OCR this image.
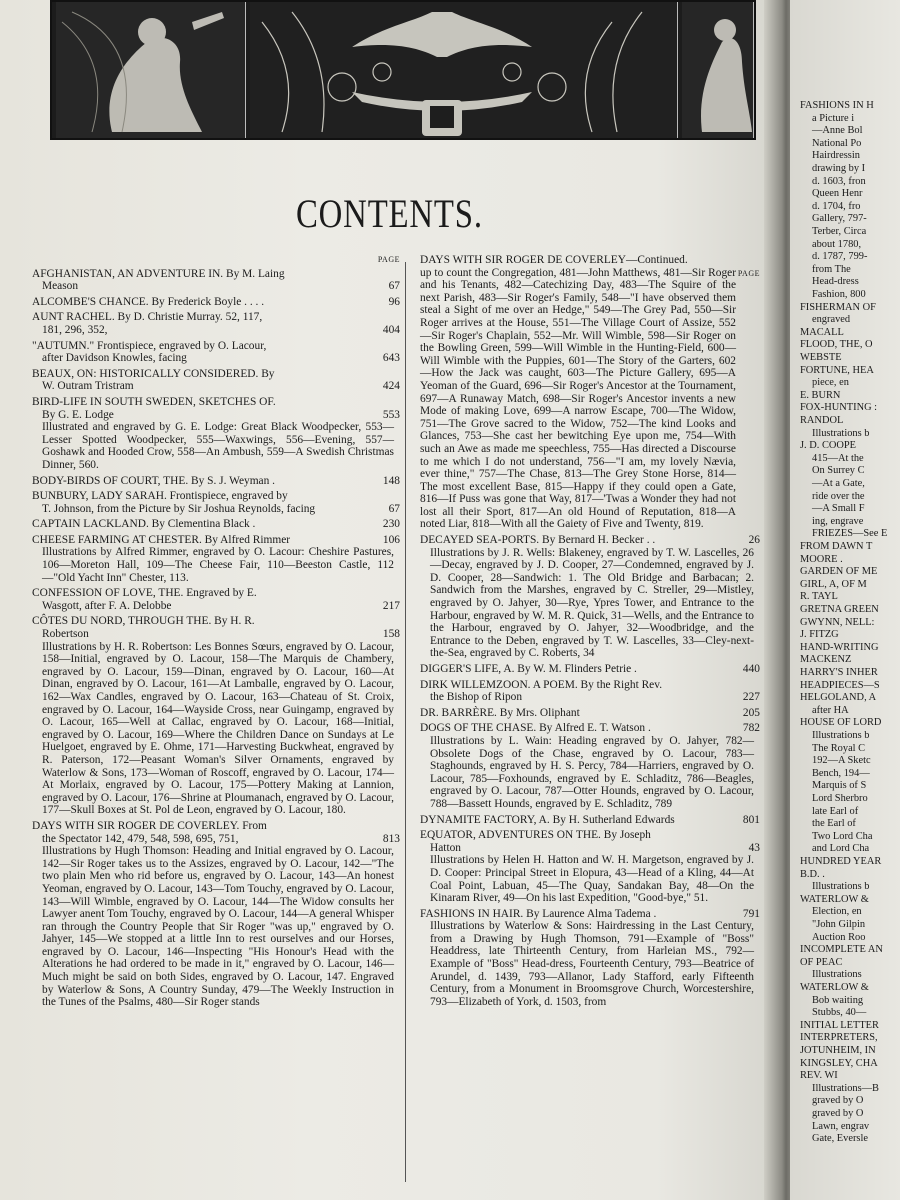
CONTENTS.
PAGE
AFGHANISTAN, AN ADVENTURE IN. By M. Laing
Meason	67
ALCOMBE'S CHANCE. By Frederick Boyle . . . .	96
AUNT RACHEL. By D. Christie Murray. 52, 117,
181, 296, 352,	404
"AUTUMN." Frontispiece, engraved by O. Lacour,
after Davidson Knowles, facing	643
BEAUX, ON: HISTORICALLY CONSIDERED. By
W. Outram Tristram	424
BIRD-LIFE IN SOUTH SWEDEN, SKETCHES OF.
By G. E. Lodge	553
Illustrated and engraved by G. E. Lodge: Great Black Woodpecker, 553—Lesser Spotted Woodpecker, 555—Waxwings, 556—Evening, 557—Goshawk and Hooded Crow, 558—An Ambush, 559—A Swedish Christmas Dinner, 560.
BODY-BIRDS OF COURT, THE. By S. J. Weyman .	148
BUNBURY, LADY SARAH. Frontispiece, engraved by
T. Johnson, from the Picture by Sir Joshua Reynolds, facing	67
CAPTAIN LACKLAND. By Clementina Black .	230
CHEESE FARMING AT CHESTER. By Alfred Rimmer	106
Illustrations by Alfred Rimmer, engraved by O. Lacour: Cheshire Pastures, 106—Moreton Hall, 109—The Cheese Fair, 110—Beeston Castle, 112—"Old Yacht Inn" Chester, 113.
CONFESSION OF LOVE, THE. Engraved by E.
Wasgott, after F. A. Delobbe	217
CÔTES DU NORD, THROUGH THE. By H. R.
Robertson	158
Illustrations by H. R. Robertson: Les Bonnes Sœurs, engraved by O. Lacour, 158—Initial, engraved by O. Lacour, 158—The Marquis de Chambery, engraved by O. Lacour, 159—Dinan, engraved by O. Lacour, 160—At Dinan, engraved by O. Lacour, 161—At Lamballe, engraved by O. Lacour, 162—Wax Candles, engraved by O. Lacour, 163—Chateau of St. Croix, engraved by O. Lacour, 164—Wayside Cross, near Guingamp, engraved by O. Lacour, 165—Well at Callac, engraved by O. Lacour, 168—Initial, engraved by O. Lacour, 169—Where the Children Dance on Sundays at Le Huelgoet, engraved by E. Ohme, 171—Harvesting Buckwheat, engraved by R. Paterson, 172—Peasant Woman's Silver Ornaments, engraved by Waterlow & Sons, 173—Woman of Roscoff, engraved by O. Lacour, 174—At Morlaix, engraved by O. Lacour, 175—Pottery Making at Lannion, engraved by O. Lacour, 176—Shrine at Ploumanach, engraved by O. Lacour, 177—Skull Boxes at St. Pol de Leon, engraved by O. Lacour, 180.
DAYS WITH SIR ROGER DE COVERLEY. From
the Spectator 142, 479, 548, 598, 695, 751,	813
Illustrations by Hugh Thomson: Heading and Initial engraved by O. Lacour, 142—Sir Roger takes us to the Assizes, engraved by O. Lacour, 142—"The two plain Men who rid before us, engraved by O. Lacour, 143—An honest Yeoman, engraved by O. Lacour, 143—Tom Touchy, engraved by O. Lacour, 143—Will Wimble, engraved by O. Lacour, 144—The Widow consults her Lawyer anent Tom Touchy, engraved by O. Lacour, 144—A general Whisper ran through the Country People that Sir Roger "was up," engraved by O. Jahyer, 145—We stopped at a little Inn to rest ourselves and our Horses, engraved by O. Lacour, 146—Inspecting "His Honour's Head with the Alterations he had ordered to be made in it," engraved by O. Lacour, 146—Much might be said on both Sides, engraved by O. Lacour, 147. Engraved by Waterlow & Sons, A Country Sunday, 479—The Weekly Instruction in the Tunes of the Psalms, 480—Sir Roger stands
PAGE
DAYS WITH SIR ROGER DE COVERLEY—Continued.
up to count the Congregation, 481—John Matthews, 481—Sir Roger and his Tenants, 482—Catechizing Day, 483—The Squire of the next Parish, 483—Sir Roger's Family, 548—"I have observed them steal a Sight of me over an Hedge," 549—The Grey Pad, 550—Sir Roger arrives at the House, 551—The Village Court of Assize, 552—Sir Roger's Chaplain, 552—Mr. Will Wimble, 598—Sir Roger on the Bowling Green, 599—Will Wimble in the Hunting-Field, 600—Will Wimble with the Puppies, 601—The Story of the Garters, 602—How the Jack was caught, 603—The Picture Gallery, 695—A Yeoman of the Guard, 696—Sir Roger's Ancestor at the Tournament, 697—A Runaway Match, 698—Sir Roger's Ancestor invents a new Mode of making Love, 699—A narrow Escape, 700—The Widow, 751—The Grove sacred to the Widow, 752—The kind Looks and Glances, 753—She cast her bewitching Eye upon me, 754—With such an Awe as made me speechless, 755—Has directed a Discourse to me which I do not understand, 756—"I am, my lovely Nævia, ever thine," 757—The Chase, 813—The Grey Stone Horse, 814—The most excellent Base, 815—Happy if they could open a Gate, 816—If Puss was gone that Way, 817—'Twas a Wonder they had not lost all their Sport, 817—An old Hound of Reputation, 818—A noted Liar, 818—With all the Gaiety of Five and Twenty, 819.
DECAYED SEA-PORTS. By Bernard H. Becker . .	26
Illustrations by J. R. Wells: Blakeney, engraved by T. W. Lascelles, 26—Decay, engraved by J. D. Cooper, 27—Condemned, engraved by J. D. Cooper, 28—Sandwich: 1. The Old Bridge and Barbacan; 2. Sandwich from the Marshes, engraved by C. Streller, 29—Mistley, engraved by O. Jahyer, 30—Rye, Ypres Tower, and Entrance to the Harbour, engraved by W. M. R. Quick, 31—Wells, and the Entrance to the Harbour, engraved by O. Jahyer, 32—Woodbridge, and the Entrance to the Deben, engraved by T. W. Lascelles, 33—Cley-next-the-Sea, engraved by C. Roberts, 34
DIGGER'S LIFE, A. By W. M. Flinders Petrie .	440
DIRK WILLEMZOON. A POEM. By the Right Rev.
the Bishop of Ripon	227
DR. BARRÈRE. By Mrs. Oliphant	205
DOGS OF THE CHASE. By Alfred E. T. Watson .	782
Illustrations by L. Wain: Heading engraved by O. Jahyer, 782—Obsolete Dogs of the Chase, engraved by O. Lacour, 783—Staghounds, engraved by H. S. Percy, 784—Harriers, engraved by O. Lacour, 785—Foxhounds, engraved by E. Schladitz, 786—Beagles, engraved by O. Lacour, 787—Otter Hounds, engraved by O. Lacour, 788—Bassett Hounds, engraved by E. Schladitz, 789
DYNAMITE FACTORY, A. By H. Sutherland Edwards	801
EQUATOR, ADVENTURES ON THE. By Joseph
Hatton	43
Illustrations by Helen H. Hatton and W. H. Margetson, engraved by J. D. Cooper: Principal Street in Elopura, 43—Head of a Kling, 44—At Coal Point, Labuan, 45—The Quay, Sandakan Bay, 48—On the Kinaram River, 49—On his last Expedition, "Good-bye," 51.
FASHIONS IN HAIR. By Laurence Alma Tadema .	791
Illustrations by Waterlow & Sons: Hairdressing in the Last Century, from a Drawing by Hugh Thomson, 791—Example of "Boss" Headdress, late Thirteenth Century, from Harleian MS., 792—Example of "Boss" Head-dress, Fourteenth Century, 793—Beatrice of Arundel, d. 1439, 793—Allanor, Lady Stafford, early Fifteenth Century, from a Monument in Broomsgrove Church, Worcestershire, 793—Elizabeth of York, d. 1503, from
FASHIONS IN H
a Picture i
—Anne Bol
National Po
Hairdressin
drawing by I
d. 1603, fron
Queen Henr
d. 1704, fro
Gallery, 797-
Terber, Circa
about 1780,
d. 1787, 799-
from The
Head-dress
Fashion, 800
FISHERMAN OF
engraved
MACALL
FLOOD, THE, O
WEBSTE
FORTUNE, HEA
piece, en
E. BURN
FOX-HUNTING :
RANDOL
Illustrations b
J. D. COOPE
415—At the
On Surrey C
—At a Gate,
ride over the
—A Small F
ing, engrave
FRIEZES—See E
FROM DAWN T
MOORE .
GARDEN OF ME
GIRL, A, OF M
R. TAYL
GRETNA GREEN
GWYNN, NELL:
J. FITZG
HAND-WRITING
MACKENZ
HARRY'S INHER
HEADPIECES—S
HELGOLAND, A
after HA
HOUSE OF LORD
Illustrations b
The Royal C
192—A Sketc
Bench, 194—
Marquis of S
Lord Sherbro
late Earl of
the Earl of
Two Lord Cha
and Lord Cha
HUNDRED YEAR
B.D. .
Illustrations b
WATERLOW &
Election, en
"John Gilpin
Auction Roo
INCOMPLETE AN
OF PEAC
Illustrations
WATERLOW &
Bob waiting
Stubbs, 40—
INITIAL LETTER
INTERPRETERS,
JOTUNHEIM, IN
KINGSLEY, CHA
REV. WI
Illustrations—B
graved by O
graved by O
Lawn, engrav
Gate, Eversle
